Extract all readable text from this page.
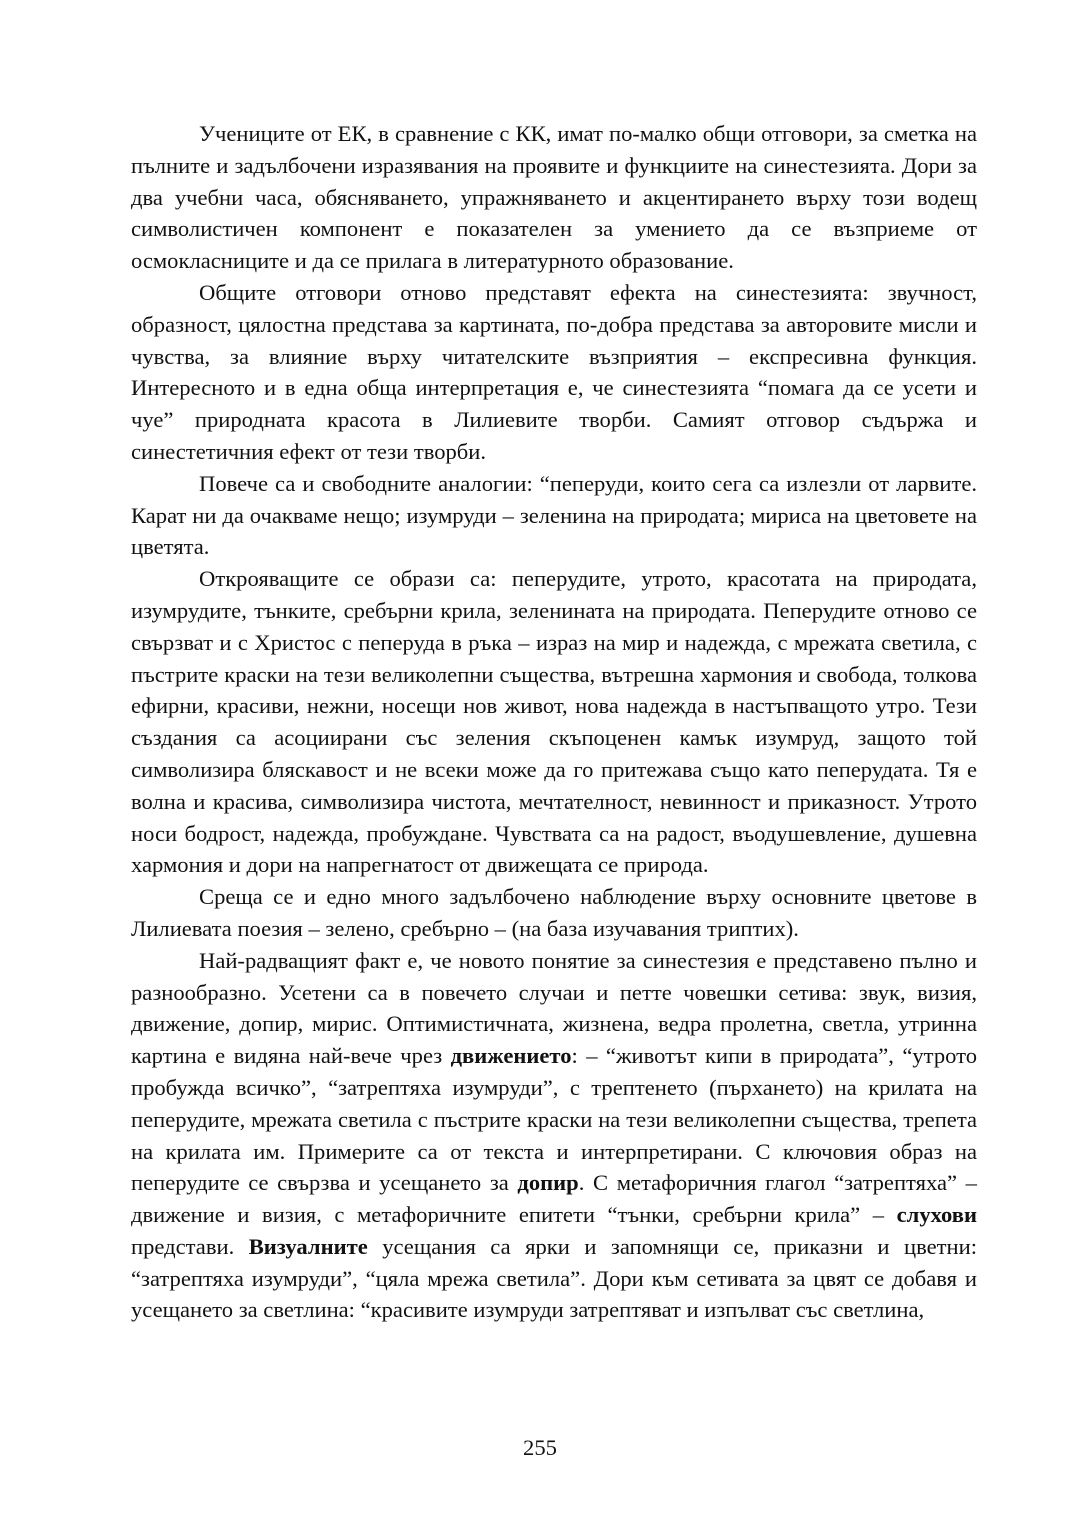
Учениците от ЕК, в сравнение с КК, имат по-малко общи отговори, за сметка на пълните и задълбочени изразявания на проявите и функциите на синестезията. Дори за два учебни часа, обясняването, упражняването и акцентирането върху този водещ символистичен компонент е показателен за умението да се възприеме от осмокласниците и да се прилага в литературното образование.

Общите отговори отново представят ефекта на синестезията: звучност, образност, цялостна представа за картината, по-добра представа за авторовите мисли и чувства, за влияние върху читателските възприятия – експресивна функция. Интересното и в една обща интерпретация е, че синестезията “помага да се усети и чуе” природната красота в Лилиевите творби. Самият отговор съдържа и синестетичния ефект от тези творби.

Повече са и свободните аналогии: “пеперуди, които сега са излезли от ларвите. Карат ни да очакваме нещо; изумруди – зеленина на природата; мириса на цветовете на цветята.

Открояващите се образи са: пеперудите, утрото, красотата на природата, изумрудите, тънките, сребърни крила, зеленината на природата. Пеперудите отново се свързват и с Христос с пеперуда в ръка – израз на мир и надежда, с мрежата светила, с пъстрите краски на тези великолепни същества, вътрешна хармония и свобода, толкова ефирни, красиви, нежни, носещи нов живот, нова надежда в настъпващото утро. Тези създания са асоциирани със зеления скъпоценен камък изумруд, защото той символизира бляскавост и не всеки може да го притежава също като пеперудата. Тя е волна и красива, символизира чистота, мечтателност, невинност и приказност. Утрото носи бодрост, надежда, пробуждане. Чувствата са на радост, въодушевление, душевна хармония и дори на напрегнатост от движещата се природа.

Среща се и едно много задълбочено наблюдение върху основните цветове в Лилиевата поезия – зелено, сребърно – (на база изучавания триптих).

Най-радващият факт е, че новото понятие за синестезия е представено пълно и разнообразно. Усетени са в повечето случаи и петте човешки сетива: звук, визия, движение, допир, мирис. Оптимистичната, жизнена, ведра пролетна, светла, утринна картина е видяна най-вече чрез движението: – “животът кипи в природата”, “утрото пробужда всичко”, “затрептяха изумруди”, с трептенето (пърхането) на крилата на пеперудите, мрежата светила с пъстрите краски на тези великолепни същества, трепета на крилата им. Примерите са от текста и интерпретирани. С ключовия образ на пеперудите се свързва и усещането за допир. С метафоричния глагол “затрептяха” – движение и визия, с метафоричните епитети “тънки, сребърни крила” – слухови представи. Визуалните усещания са ярки и запомнящи се, приказни и цветни: “затрептяха изумруди”, “цяла мрежа светила”. Дори към сетивата за цвят се добавя и усещането за светлина: “красивите изумруди затрептяват и изпълват със светлина,

255
